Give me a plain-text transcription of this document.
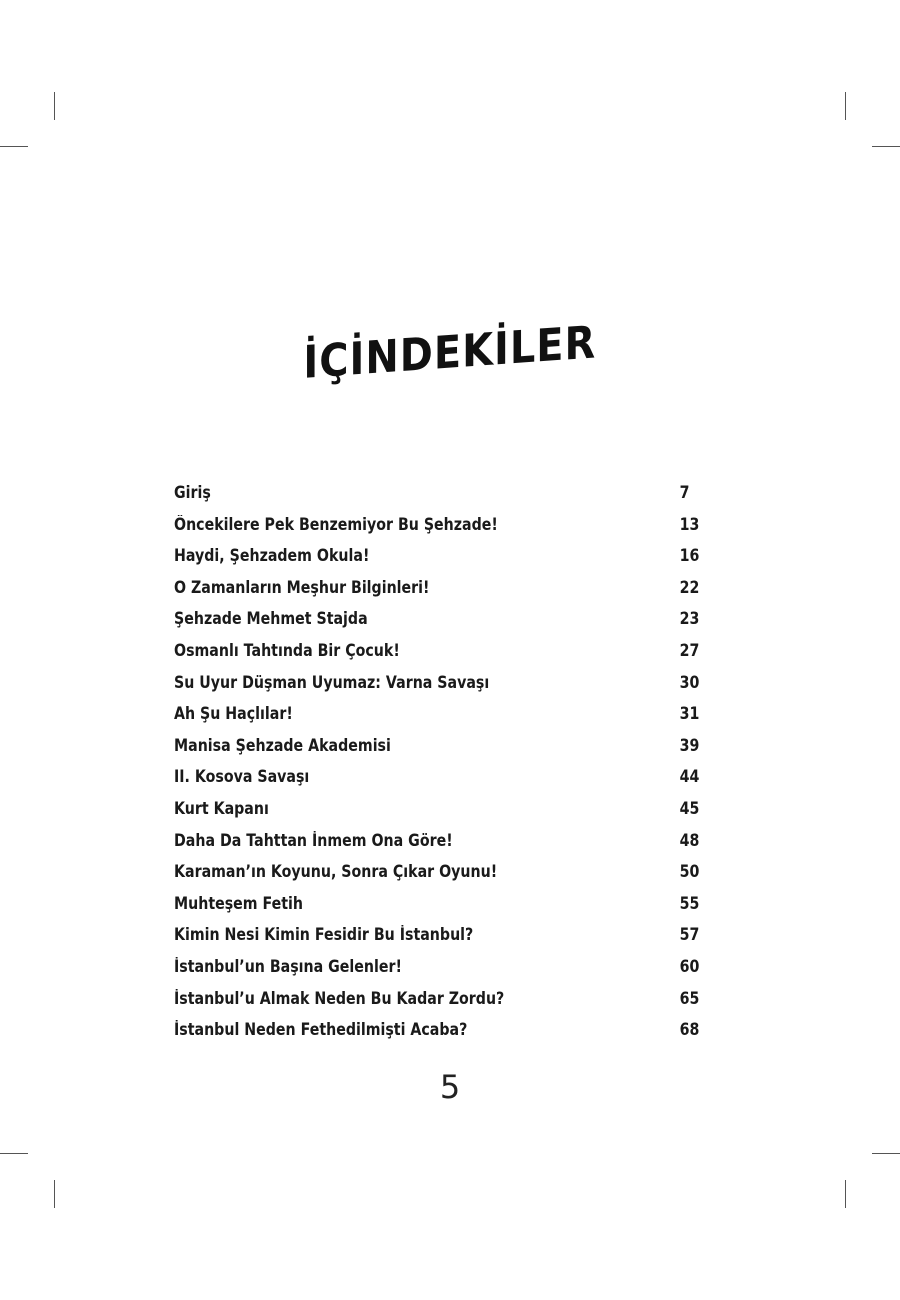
İÇİNDEKİLER
Giriş	7
Öncekilere Pek Benzemiyor Bu Şehzade!	13
Haydi, Şehzadem Okula!	16
O Zamanların Meşhur Bilginleri!	22
Şehzade Mehmet Stajda	23
Osmanlı Tahtında Bir Çocuk!	27
Su Uyur Düşman Uyumaz: Varna Savaşı	30
Ah Şu Haçlılar!	31
Manisa Şehzade Akademisi	39
II. Kosova Savaşı	44
Kurt Kapanı	45
Daha Da Tahttan İnmem Ona Göre!	48
Karaman’ın Koyunu, Sonra Çıkar Oyunu!	50
Muhteşem Fetih	55
Kimin Nesi Kimin Fesidir Bu İstanbul?	57
İstanbul’un Başına Gelenler!	60
İstanbul’u Almak Neden Bu Kadar Zordu?	65
İstanbul Neden Fethedilmişti Acaba?	68
5
